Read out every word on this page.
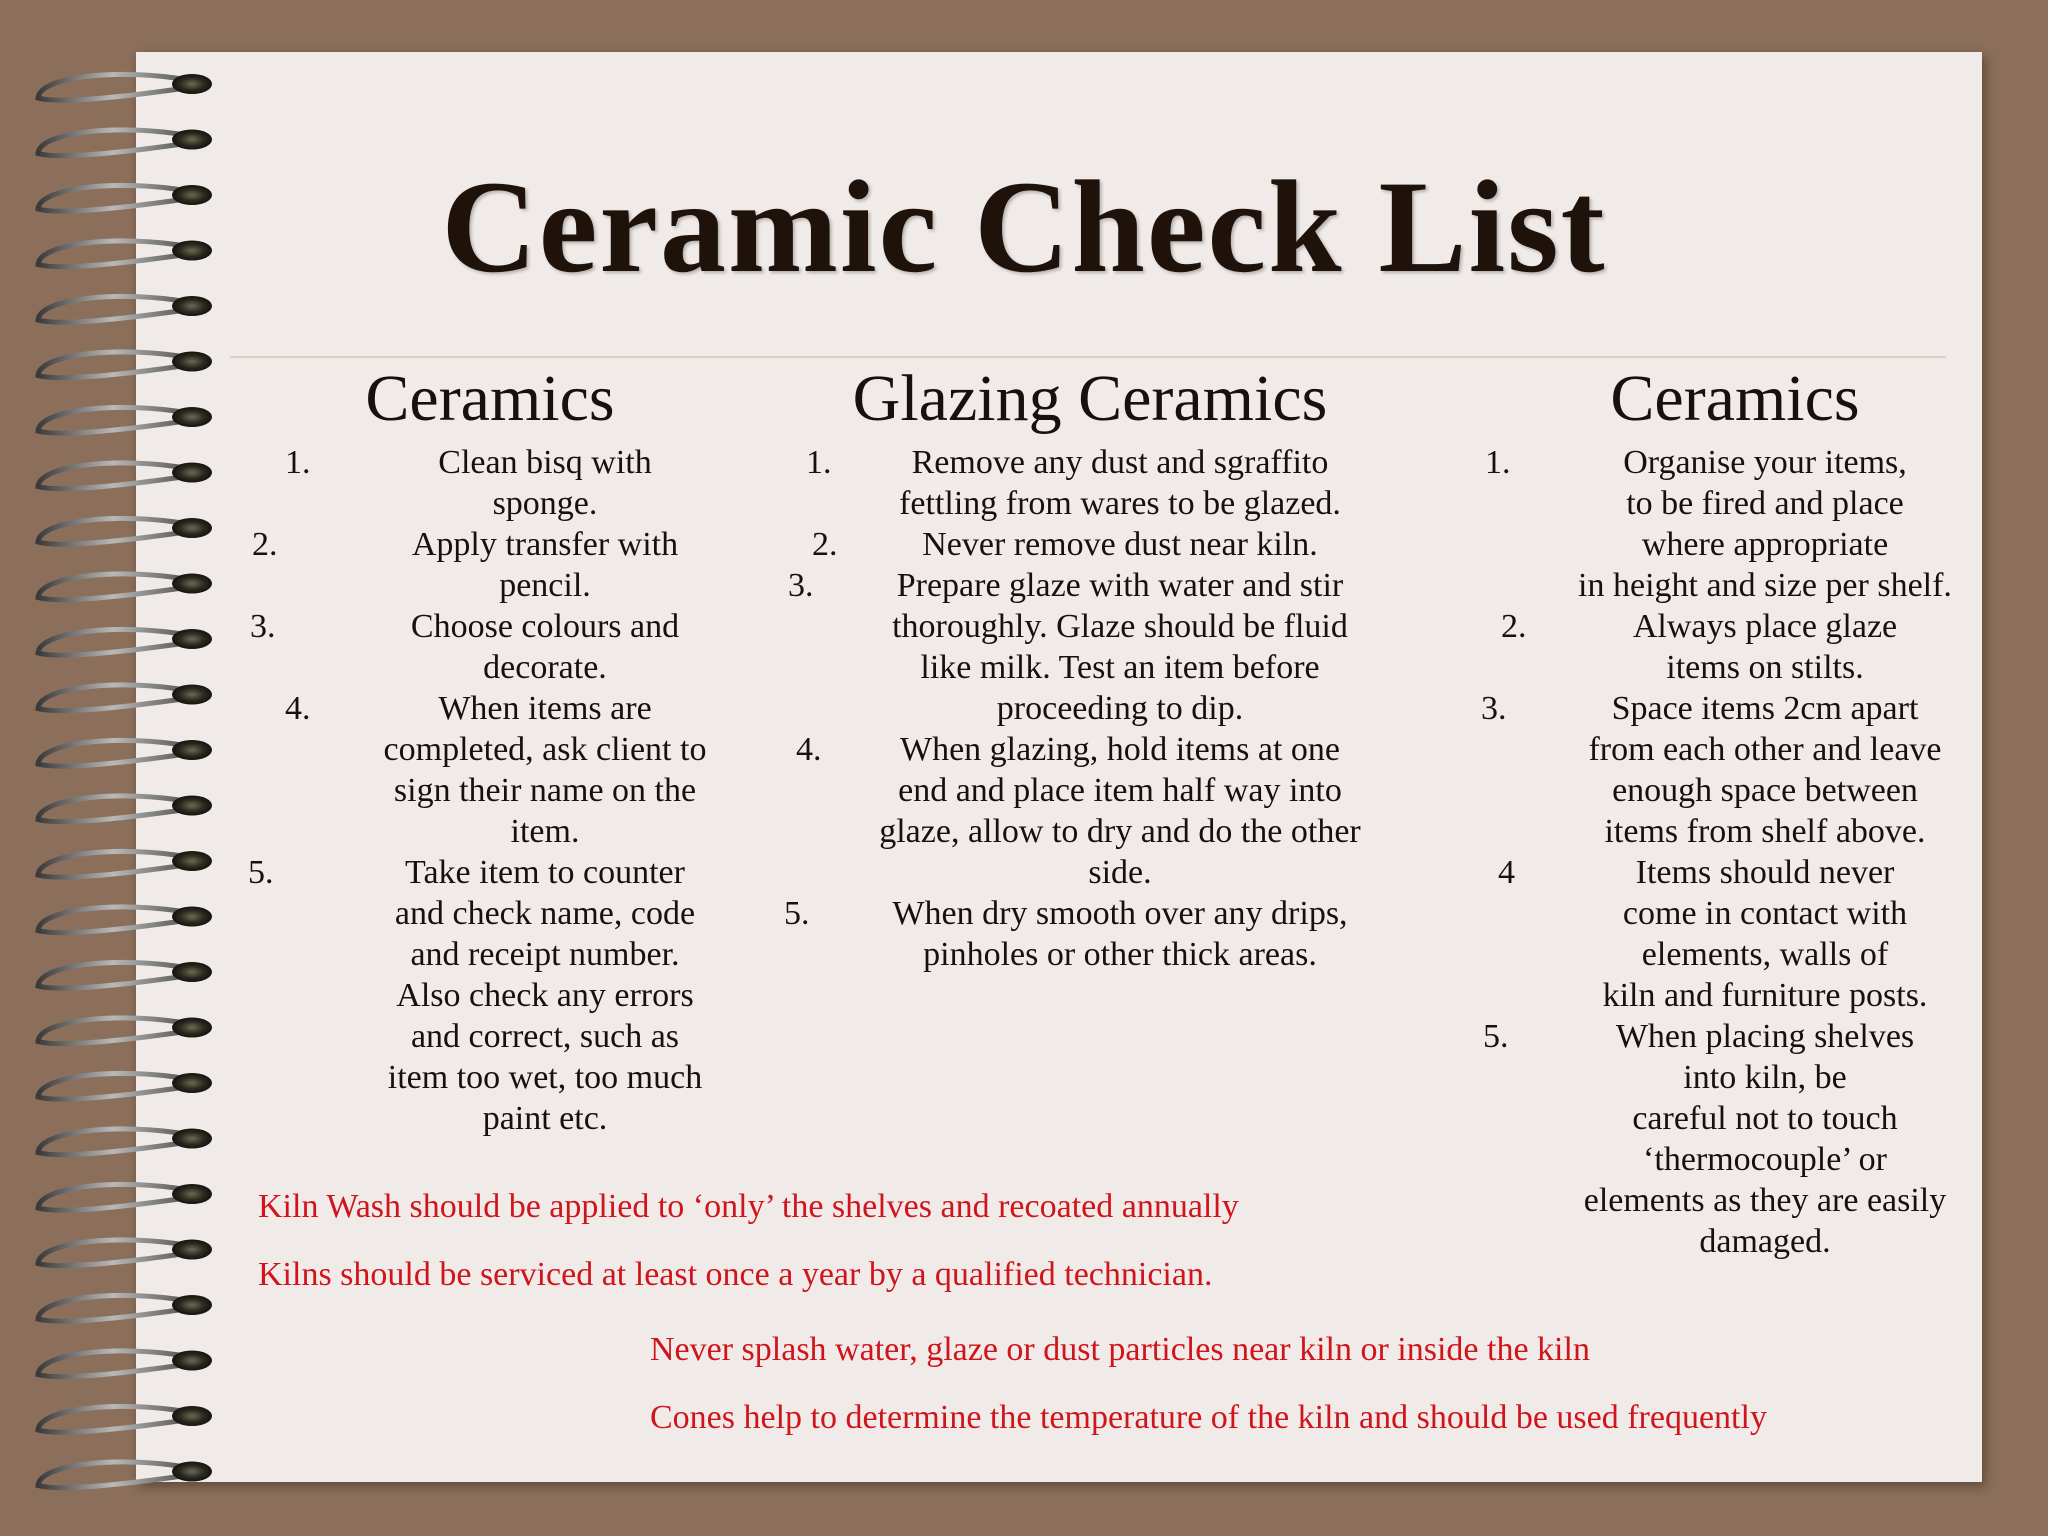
Ceramic Check List
Ceramics
1.	Clean bisq with
sponge.
2.	Apply transfer with
pencil.
3.	Choose colours and
decorate.
4.	When items are
completed, ask client to
sign their name on the
item.
5.	Take item to counter
and check name, code
and receipt number.
Also check any errors
and correct, such as
item too wet, too much
paint etc.
Glazing Ceramics
1.	Remove any dust and sgraffito
fettling from wares to be glazed.
2.	Never remove dust near kiln.
3.	Prepare glaze with water and stir
thoroughly. Glaze should be fluid
like milk. Test an item before
proceeding to dip.
4.	When glazing, hold items at one
end and place item half way into
glaze, allow to dry and do the other
side.
5.	When dry smooth over any drips,
pinholes or other thick areas.
Ceramics
1.	Organise your items,
to be fired and place
where appropriate
in height and size per shelf.
2.	Always place glaze
items on stilts.
3.	Space items 2cm apart
from each other and leave
enough space between
items from shelf above.
4	Items should never
come in contact with
elements, walls of
kiln and furniture posts.
5.	When placing shelves
into kiln, be
careful not to touch
‘thermocouple’ or
elements as they are easily
damaged.

Kiln Wash should be applied to ‘only’ the shelves and recoated annually

Kilns should be serviced at least once a year by a qualified technician.

Never splash water, glaze or dust particles near kiln or inside the kiln

Cones help to determine the temperature of the kiln and should be used frequently
